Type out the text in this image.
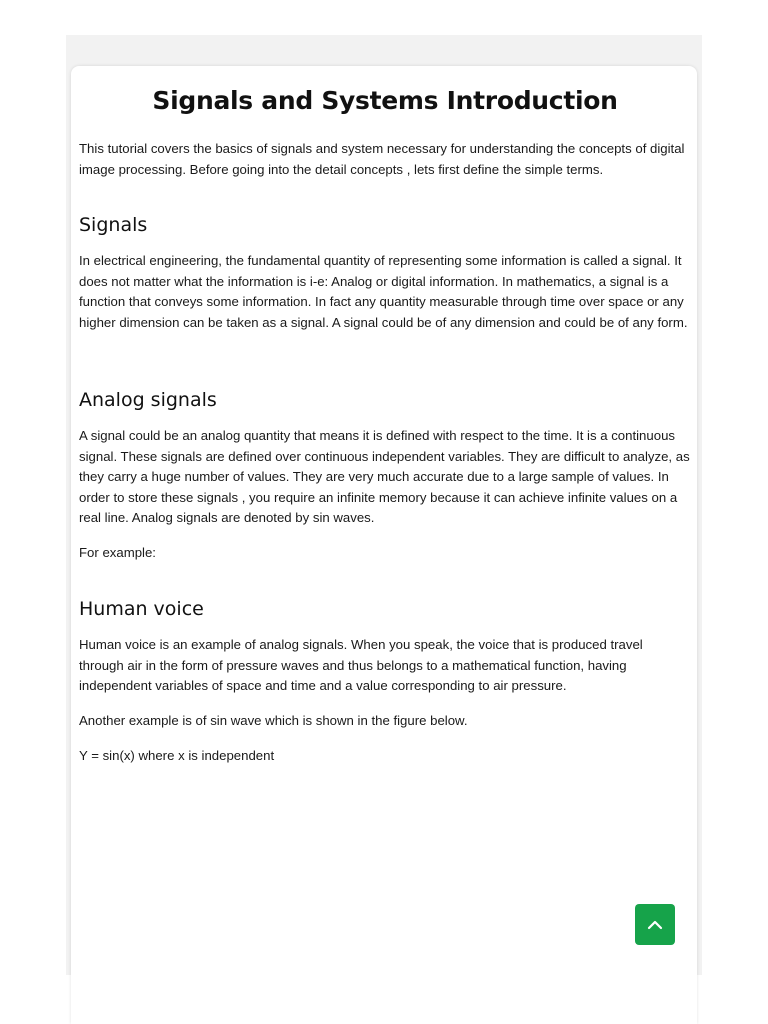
Signals and Systems Introduction

This tutorial covers the basics of signals and system necessary for understanding the concepts of digital image processing. Before going into the detail concepts , lets first define the simple terms.

Signals

In electrical engineering, the fundamental quantity of representing some information is called a signal. It does not matter what the information is i-e: Analog or digital information. In mathematics, a signal is a function that conveys some information. In fact any quantity measurable through time over space or any higher dimension can be taken as a signal. A signal could be of any dimension and could be of any form.

Analog signals

A signal could be an analog quantity that means it is defined with respect to the time. It is a continuous signal. These signals are defined over continuous independent variables. They are difficult to analyze, as they carry a huge number of values. They are very much accurate due to a large sample of values. In order to store these signals , you require an infinite memory because it can achieve infinite values on a real line. Analog signals are denoted by sin waves.

For example:

Human voice

Human voice is an example of analog signals. When you speak, the voice that is produced travel through air in the form of pressure waves and thus belongs to a mathematical function, having independent variables of space and time and a value corresponding to air pressure.

Another example is of sin wave which is shown in the figure below.

Y = sin(x) where x is independent
